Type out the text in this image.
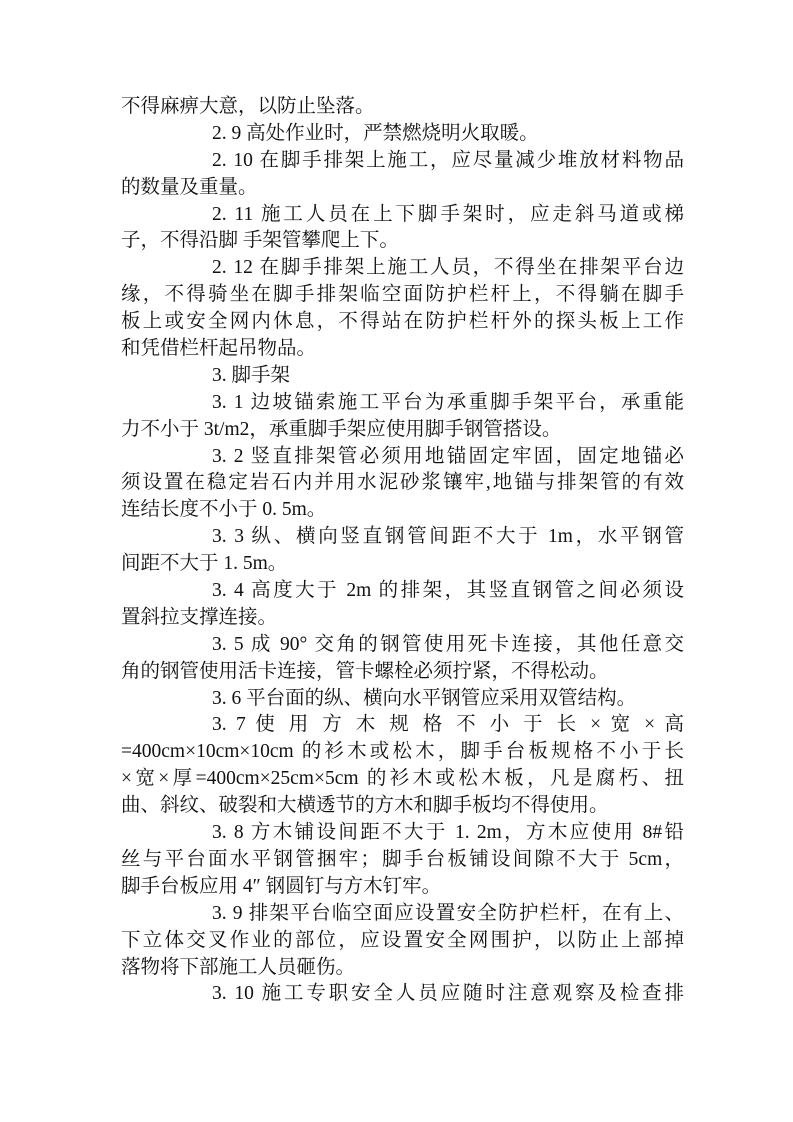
不得麻痹大意，以防止坠落。
2. 9 高处作业时，严禁燃烧明火取暖。
2. 10 在脚手排架上施工，应尽量减少堆放材料物品
的数量及重量。
2. 11 施工人员在上下脚手架时，应走斜马道或梯
子，不得沿脚 手架管攀爬上下。
2. 12 在脚手排架上施工人员，不得坐在排架平台边
缘，不得骑坐在脚手排架临空面防护栏杆上，不得躺在脚手
板上或安全网内休息，不得站在防护栏杆外的探头板上工作
和凭借栏杆起吊物品。
3. 脚手架
3. 1 边坡锚索施工平台为承重脚手架平台，承重能
力不小于 3t/m2，承重脚手架应使用脚手钢管搭设。
3. 2 竖直排架管必须用地锚固定牢固，固定地锚必
须设置在稳定岩石内并用水泥砂浆镶牢,地锚与排架管的有效
连结长度不小于 0. 5m。
3. 3 纵、横向竖直钢管间距不大于 1m，水平钢管
间距不大于 1. 5m。
3. 4 高度大于 2m 的排架，其竖直钢管之间必须设
置斜拉支撑连接。
3. 5 成 90° 交角的钢管使用死卡连接，其他任意交
角的钢管使用活卡连接，管卡螺栓必须拧紧，不得松动。
3. 6 平台面的纵、横向水平钢管应采用双管结构。
3. 7 使 用 方 木 规 格 不 小 于 长 × 宽 × 高
=400cm×10cm×10cm 的衫木或松木，脚手台板规格不小于长
×宽×厚=400cm×25cm×5cm 的衫木或松木板，凡是腐朽、扭
曲、斜纹、破裂和大横透节的方木和脚手板均不得使用。
3. 8 方木铺设间距不大于 1. 2m，方木应使用 8#铅
丝与平台面水平钢管捆牢；脚手台板铺设间隙不大于 5cm，
脚手台板应用 4″ 钢圆钉与方木钉牢。
3. 9 排架平台临空面应设置安全防护栏杆，在有上、
下立体交叉作业的部位，应设置安全网围护，以防止上部掉
落物将下部施工人员砸伤。
3. 10 施工专职安全人员应随时注意观察及检查排
